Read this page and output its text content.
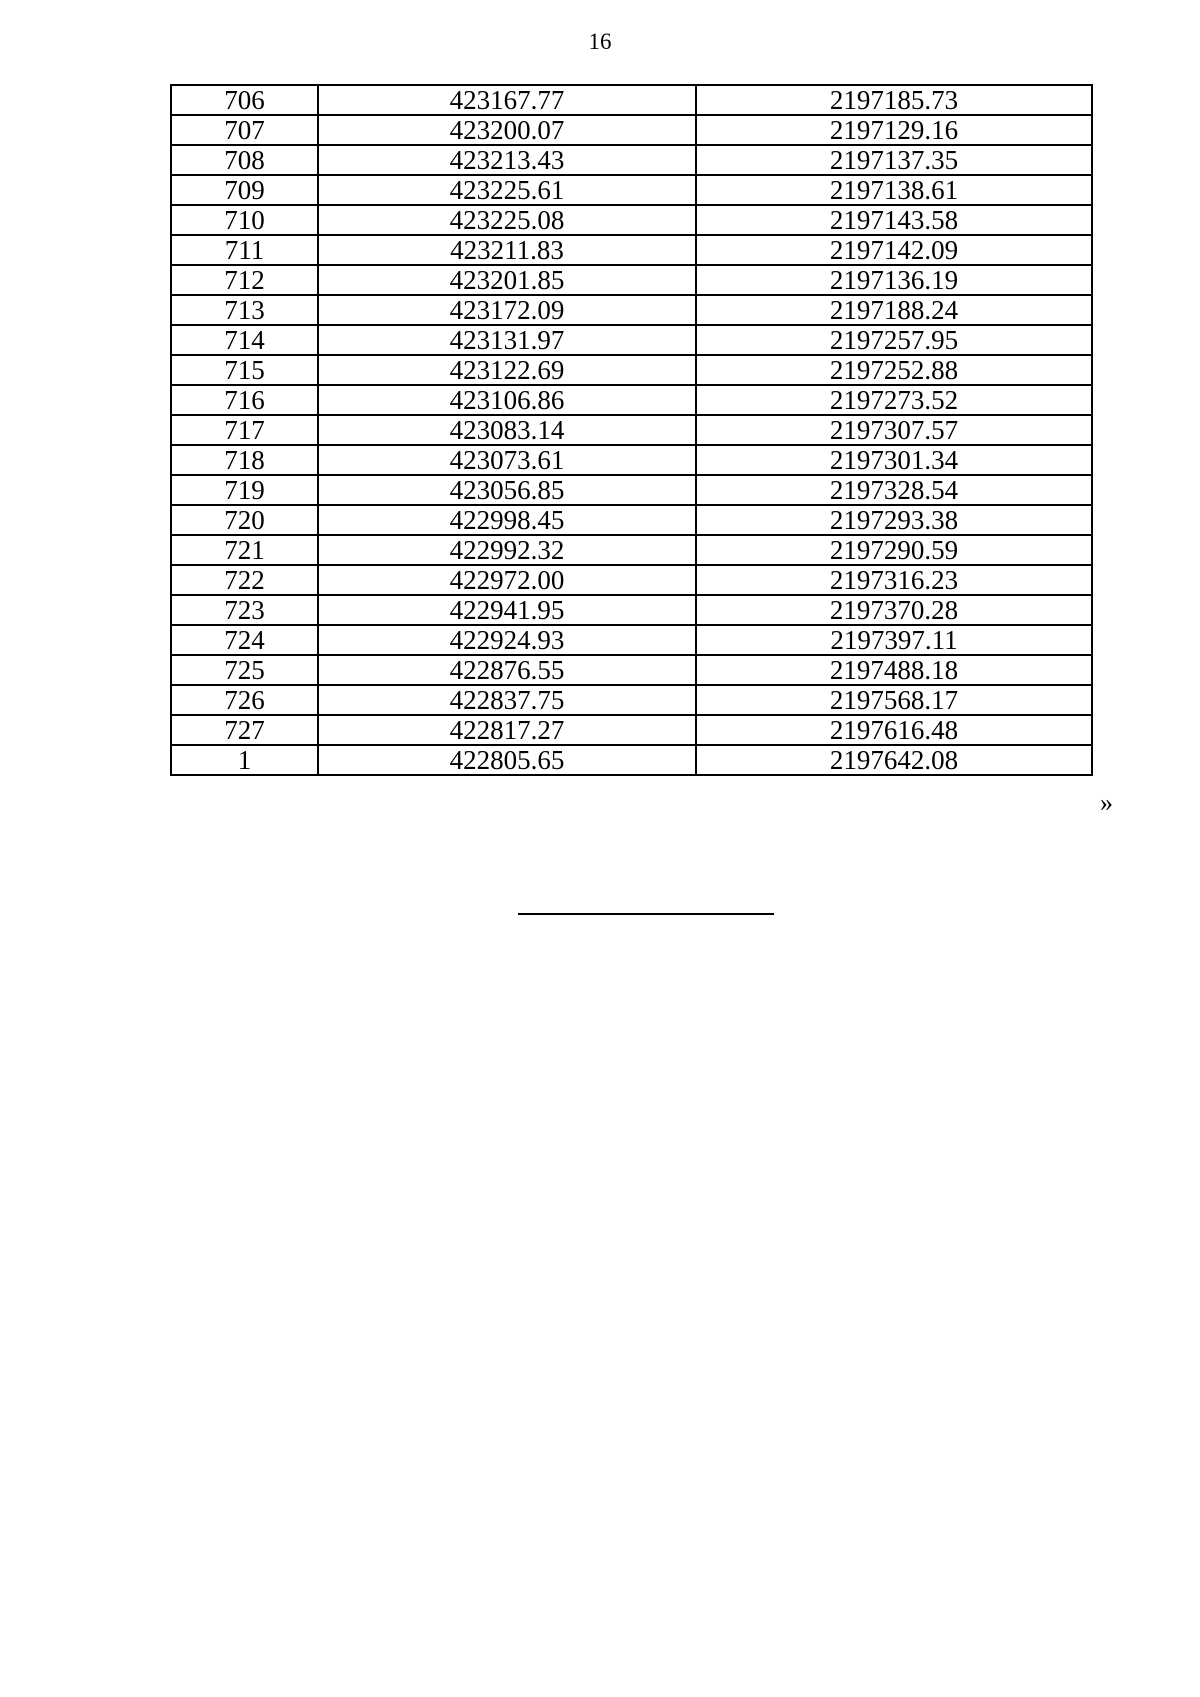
16
706	423167.77	2197185.73
707	423200.07	2197129.16
708	423213.43	2197137.35
709	423225.61	2197138.61
710	423225.08	2197143.58
711	423211.83	2197142.09
712	423201.85	2197136.19
713	423172.09	2197188.24
714	423131.97	2197257.95
715	423122.69	2197252.88
716	423106.86	2197273.52
717	423083.14	2197307.57
718	423073.61	2197301.34
719	423056.85	2197328.54
720	422998.45	2197293.38
721	422992.32	2197290.59
722	422972.00	2197316.23
723	422941.95	2197370.28
724	422924.93	2197397.11
725	422876.55	2197488.18
726	422837.75	2197568.17
727	422817.27	2197616.48
1	422805.65	2197642.08
»
